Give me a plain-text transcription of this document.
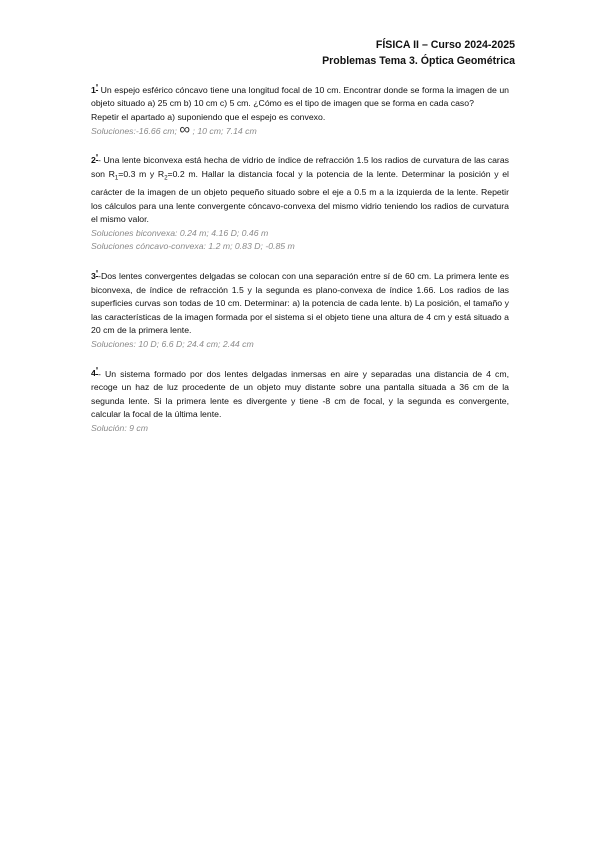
FÍSICA II – Curso 2024-2025
Problemas Tema 3. Óptica Geométrica

$1^º$ Un espejo esférico cóncavo tiene una longitud focal de 10 cm. Encontrar donde se forma la imagen de un objeto situado a) 25 cm b) 10 cm c) 5 cm. ¿Cómo es el tipo de imagen que se forma en cada caso?

Repetir el apartado a) suponiendo que el espejo es convexo.

Soluciones:-16.66 cm; ∞ ; 10 cm; 7.14 cm

$2^º-$ Una lente biconvexa está hecha de vidrio de índice de refracción 1.5 los radios de curvatura de las caras son $R_1=0.3$ m y $R_2=0.2$ m. Hallar la distancia focal y la potencia de la lente. Determinar la posición y el carácter de la imagen de un objeto pequeño situado sobre el eje a 0.5 m a la izquierda de la lente. Repetir los cálculos para una lente convergente cóncavo-convexa del mismo vidrio teniendo los radios de curvatura el mismo valor.

Soluciones biconvexa: 0.24 m; 4.16 D; 0.46 m

Soluciones cóncavo-convexa: 1.2 m; 0.83 D; -0.85 m

$3^º$-Dos lentes convergentes delgadas se colocan con una separación entre sí de 60 cm. La primera lente es biconvexa, de índice de refracción 1.5 y la segunda es plano-convexa de índice 1.66. Los radios de las superficies curvas son todas de 10 cm. Determinar: a) la potencia de cada lente. b) La posición, el tamaño y las características de la imagen formada por el sistema si el objeto tiene una altura de 4 cm y está situado a 20 cm de la primera lente.

Soluciones: 10 D; 6.6 D; 24.4 cm; 2.44 cm

$4^º-$ Un sistema formado por dos lentes delgadas inmersas en aire y separadas una distancia de 4 cm, recoge un haz de luz procedente de un objeto muy distante sobre una pantalla situada a 36 cm de la segunda lente. Si la primera lente es divergente y tiene -8 cm de focal, y la segunda es convergente, calcular la focal de la última lente.

Solución: 9 cm
